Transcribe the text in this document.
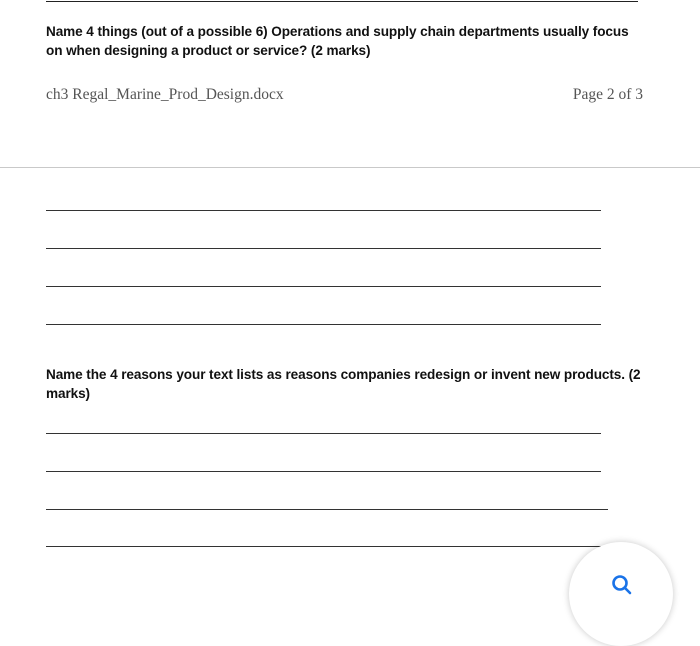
Name 4 things (out of a possible 6) Operations and supply chain departments usually focus on when designing a product or service? (2 marks)
ch3 Regal_Marine_Prod_Design.docx	Page 2 of 3
Name the 4 reasons your text lists as reasons companies redesign or invent new products. (2 marks)
